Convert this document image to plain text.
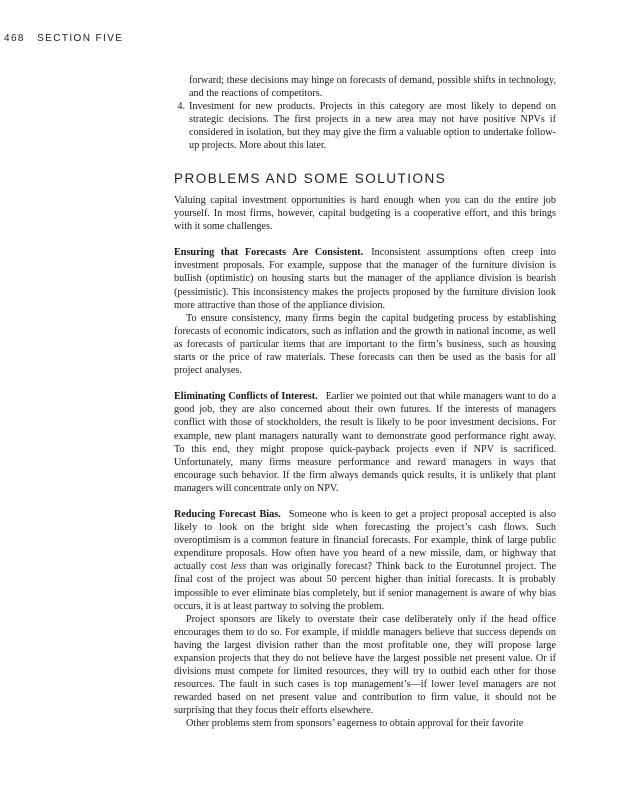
468 SECTION FIVE

forward; these decisions may hinge on forecasts of demand, possible shifts in technology, and the reactions of competitors.

4. Investment for new products. Projects in this category are most likely to depend on strategic decisions. The first projects in a new area may not have positive NPVs if considered in isolation, but they may give the firm a valuable option to undertake follow-up projects. More about this later.
PROBLEMS AND SOME SOLUTIONS

Valuing capital investment opportunities is hard enough when you can do the entire job yourself. In most firms, however, capital budgeting is a cooperative effort, and this brings with it some challenges.

Ensuring that Forecasts Are Consistent. Inconsistent assumptions often creep into investment proposals. For example, suppose that the manager of the furniture division is bullish (optimistic) on housing starts but the manager of the appliance division is bearish (pessimistic). This inconsistency makes the projects proposed by the furniture division look more attractive than those of the appliance division.

To ensure consistency, many firms begin the capital budgeting process by establishing forecasts of economic indicators, such as inflation and the growth in national income, as well as forecasts of particular items that are important to the firm’s business, such as housing starts or the price of raw materials. These forecasts can then be used as the basis for all project analyses.

Eliminating Conflicts of Interest. Earlier we pointed out that while managers want to do a good job, they are also concerned about their own futures. If the interests of managers conflict with those of stockholders, the result is likely to be poor investment decisions. For example, new plant managers naturally want to demonstrate good performance right away. To this end, they might propose quick-payback projects even if NPV is sacrificed. Unfortunately, many firms measure performance and reward managers in ways that encourage such behavior. If the firm always demands quick results, it is unlikely that plant managers will concentrate only on NPV.

Reducing Forecast Bias. Someone who is keen to get a project proposal accepted is also likely to look on the bright side when forecasting the project’s cash flows. Such overoptimism is a common feature in financial forecasts. For example, think of large public expenditure proposals. How often have you heard of a new missile, dam, or highway that actually cost less than was originally forecast? Think back to the Eurotunnel project. The final cost of the project was about 50 percent higher than initial forecasts. It is probably impossible to ever eliminate bias completely, but if senior management is aware of why bias occurs, it is at least partway to solving the problem.

Project sponsors are likely to overstate their case deliberately only if the head office encourages them to do so. For example, if middle managers believe that success depends on having the largest division rather than the most profitable one, they will propose large expansion projects that they do not believe have the largest possible net present value. Or if divisions must compete for limited resources, they will try to outbid each other for those resources. The fault in such cases is top management’s—if lower level managers are not rewarded based on net present value and contribution to firm value, it should not be surprising that they focus their efforts elsewhere.

Other problems stem from sponsors’ eagerness to obtain approval for their favorite
